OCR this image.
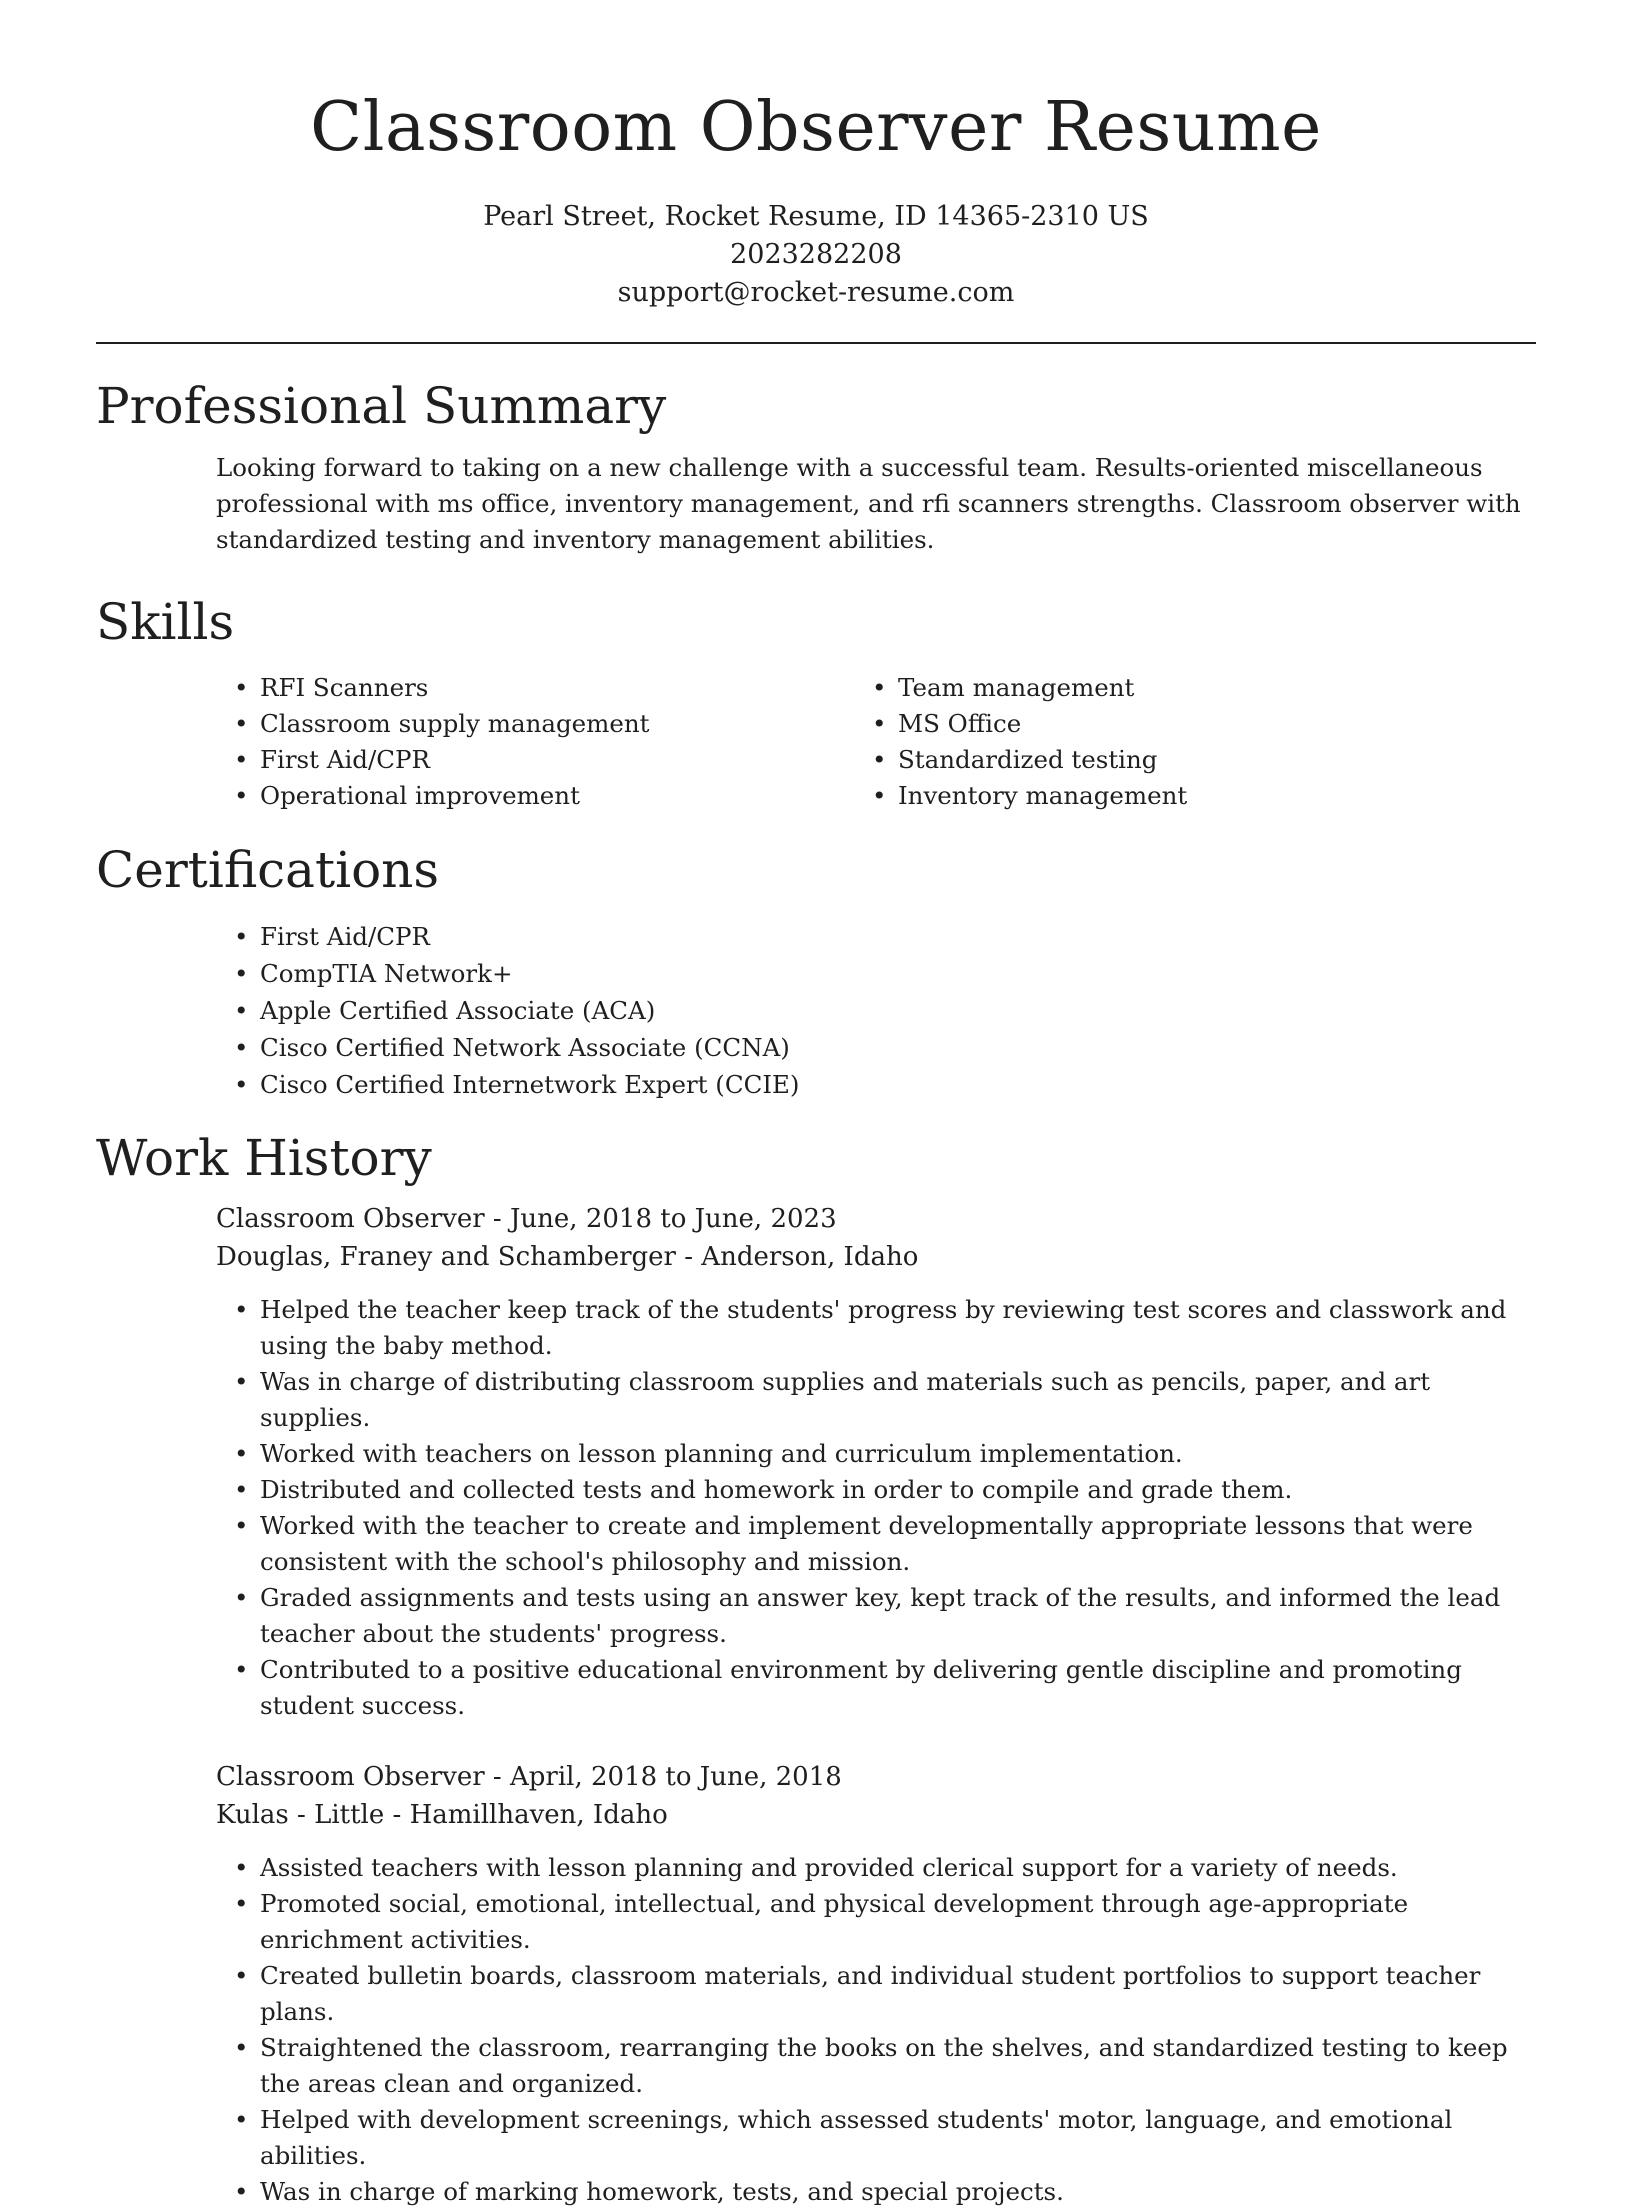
Classroom Observer Resume

Pearl Street, Rocket Resume, ID 14365-2310 US

2023282208

support@rocket-resume.com

Professional Summary

Looking forward to taking on a new challenge with a successful team. Results-oriented miscellaneous professional with ms office, inventory management, and rfi scanners strengths. Classroom observer with standardized testing and inventory management abilities.

Skills
• RFI Scanners
• Classroom supply management
• First Aid/CPR
• Operational improvement
• Team management
• MS Office
• Standardized testing
• Inventory management
Certifications
• First Aid/CPR
• CompTIA Network+
• Apple Certified Associate (ACA)
• Cisco Certified Network Associate (CCNA)
• Cisco Certified Internetwork Expert (CCIE)
Work History

Classroom Observer - June, 2018 to June, 2023

Douglas, Franey and Schamberger - Anderson, Idaho

• Helped the teacher keep track of the students' progress by reviewing test scores and classwork and using the baby method.
• Was in charge of distributing classroom supplies and materials such as pencils, paper, and art supplies.
• Worked with teachers on lesson planning and curriculum implementation.
• Distributed and collected tests and homework in order to compile and grade them.
• Worked with the teacher to create and implement developmentally appropriate lessons that were consistent with the school's philosophy and mission.
• Graded assignments and tests using an answer key, kept track of the results, and informed the lead teacher about the students' progress.
• Contributed to a positive educational environment by delivering gentle discipline and promoting student success.

Classroom Observer - April, 2018 to June, 2018

Kulas - Little - Hamillhaven, Idaho

• Assisted teachers with lesson planning and provided clerical support for a variety of needs.
• Promoted social, emotional, intellectual, and physical development through age-appropriate enrichment activities.
• Created bulletin boards, classroom materials, and individual student portfolios to support teacher plans.
• Straightened the classroom, rearranging the books on the shelves, and standardized testing to keep the areas clean and organized.
• Helped with development screenings, which assessed students' motor, language, and emotional abilities.
• Was in charge of marking homework, tests, and special projects.
